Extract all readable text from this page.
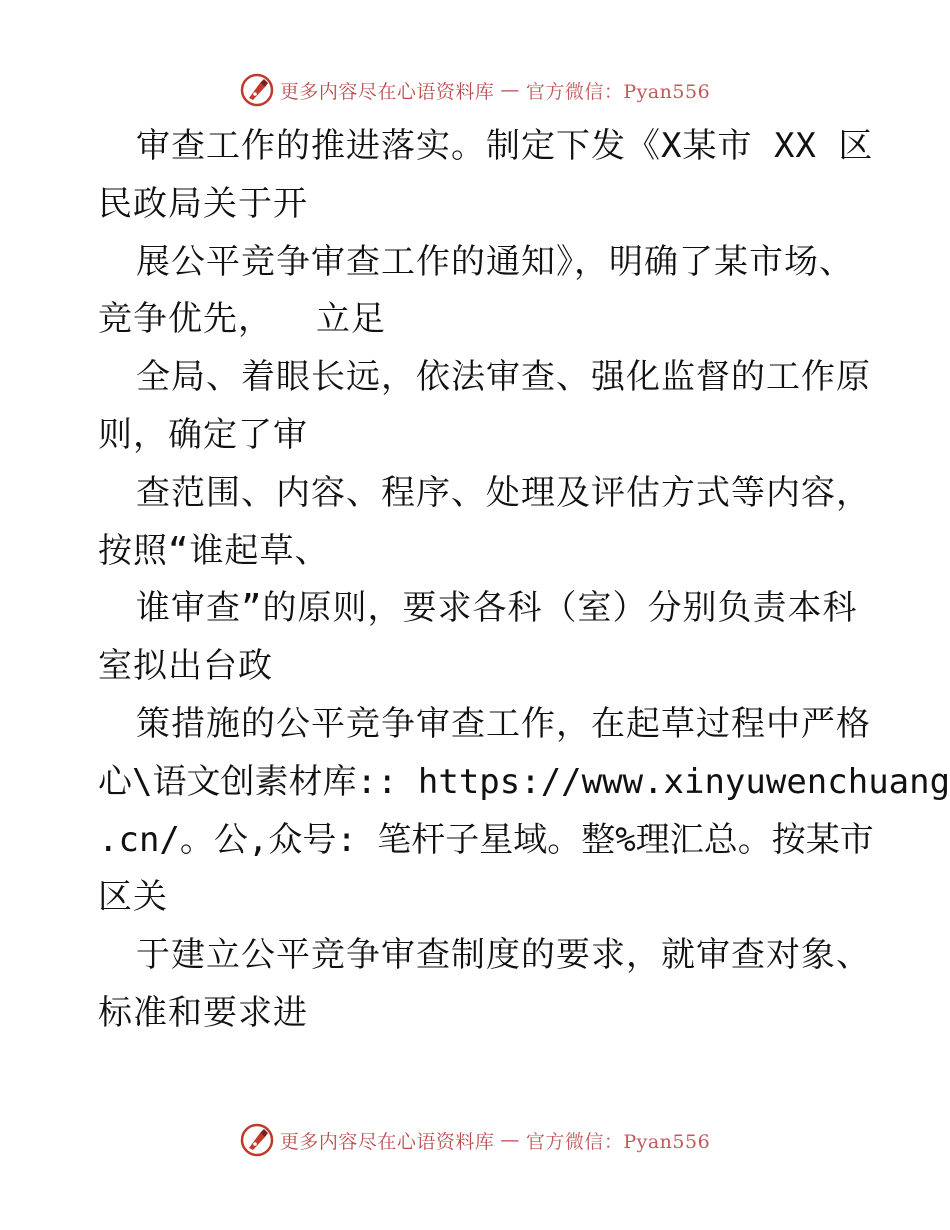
更多内容尽在心语资料库 — 官方微信：Pyan556
审查工作的推进落实。制定下发《X某市 XX 区
民政局关于开
展公平竞争审查工作的通知》，明确了某市场、
竞争优先，  立足
全局、着眼长远，依法审查、强化监督的工作原
则，确定了审
查范围、内容、程序、处理及评估方式等内容，
按照“谁起草、
谁审查”的原则，要求各科（室）分别负责本科
室拟出台政
策措施的公平竞争审查工作，在起草过程中严格
心\语文创素材库:: https://www.xinyuwenchuang
.cn/。公,众号: 笔杆子星域。整%理汇总。按某市
区关
于建立公平竞争审查制度的要求，就审查对象、
标准和要求进
更多内容尽在心语资料库 — 官方微信：Pyan556
